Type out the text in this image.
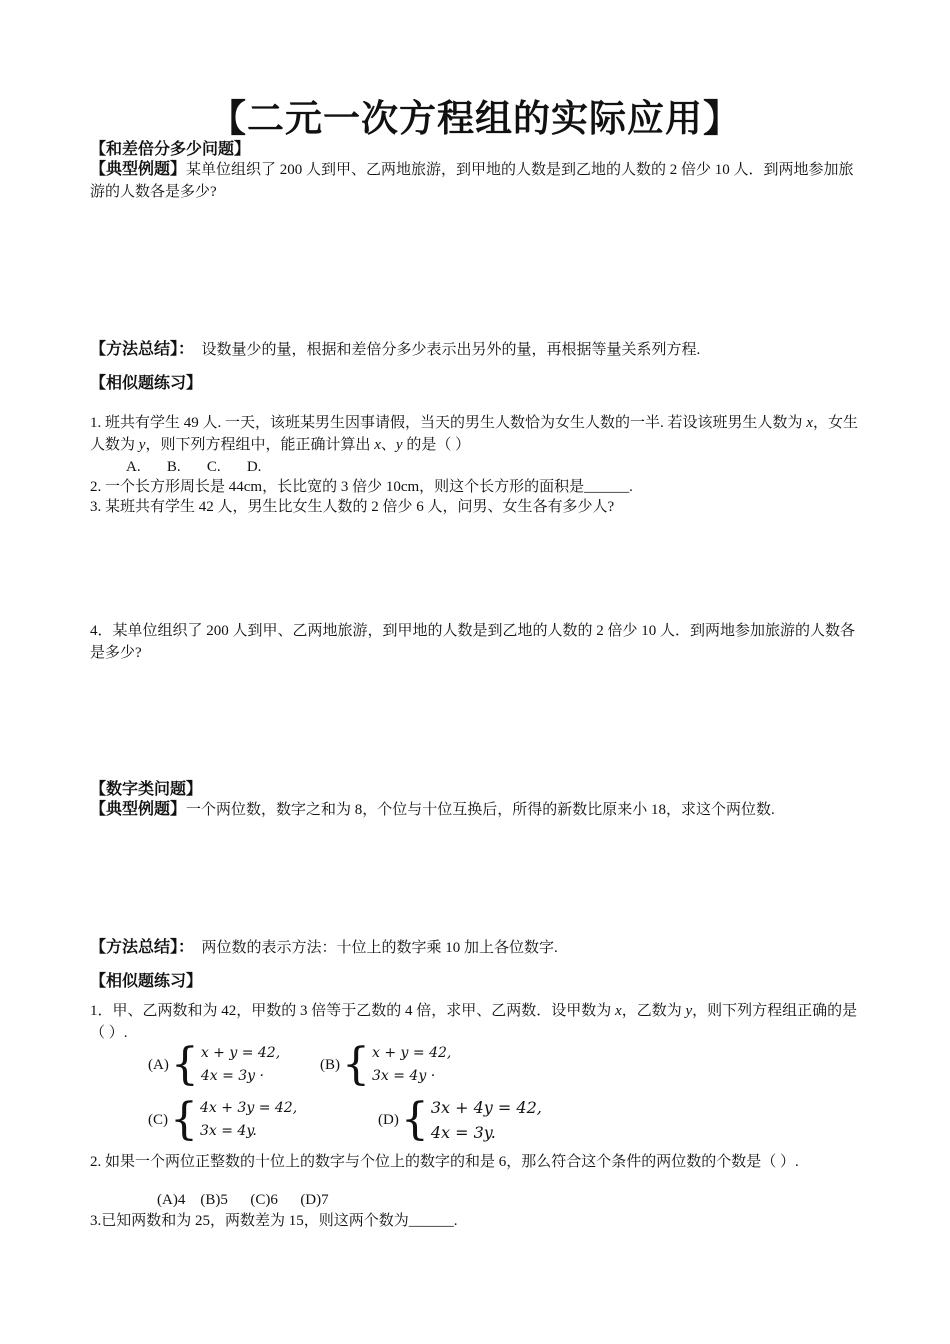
【二元一次方程组的实际应用】
【和差倍分多少问题】
【典型例题】某单位组织了 200 人到甲、乙两地旅游，到甲地的人数是到乙地的人数的 2 倍少 10 人．到两地参加旅游的人数各是多少?
【方法总结】： 设数量少的量，根据和差倍分多少表示出另外的量，再根据等量关系列方程.
【相似题练习】
1. 班共有学生 49 人. 一天，该班某男生因事请假，当天的男生人数恰为女生人数的一半. 若设该班男生人数为 x，女生人数为 y，则下列方程组中，能正确计算出 x、y 的是（ ）
A.       B.       C.       D.
2. 一个长方形周长是 44cm，长比宽的 3 倍少 10cm，则这个长方形的面积是______.
3. 某班共有学生 42 人，男生比女生人数的 2 倍少 6 人，问男、女生各有多少人?
4．某单位组织了 200 人到甲、乙两地旅游，到甲地的人数是到乙地的人数的 2 倍少 10 人．到两地参加旅游的人数各是多少?
【数字类问题】
【典型例题】一个两位数，数字之和为 8，个位与十位互换后，所得的新数比原来小 18，求这个两位数.
【方法总结】： 两位数的表示方法：十位上的数字乘 10 加上各位数字.
【相似题练习】
1．甲、乙两数和为 42，甲数的 3 倍等于乙数的 4 倍，求甲、乙两数．设甲数为 x，乙数为 y，则下列方程组正确的是（ ）.
(A) { x + y = 42,
4x = 3y ·
(B) { x + y = 42,
3x = 4y ·
(C) { 4x + 3y = 42,
3x = 4y.
(D) { 3x + 4y = 42,
4x = 3y.
2. 如果一个两位正整数的十位上的数字与个位上的数字的和是 6，那么符合这个条件的两位数的个数是（ ）.
(A)4    (B)5      (C)6      (D)7
3.已知两数和为 25，两数差为 15，则这两个数为______.
